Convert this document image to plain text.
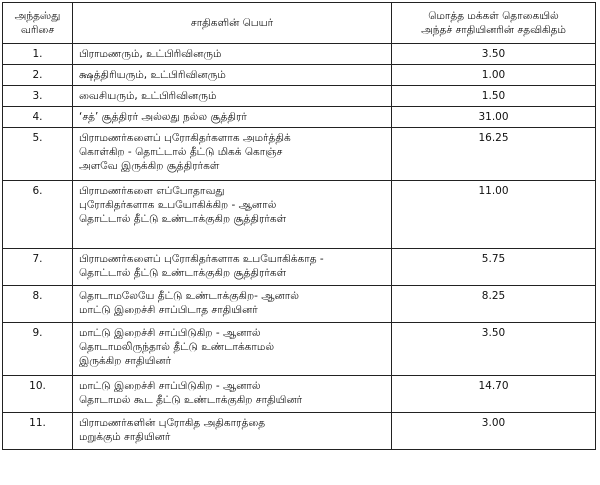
அந்தஸ்து
வரிசை	சாதிகளின் பெயர்	மொத்த மக்கள் தொகையில்
அந்தச் சாதியினரின் சதவிகிதம்

1.	பிராமணரும், உட்பிரிவினரும்	3.50
2.	க்ஷத்திரியரும், உட்பிரிவினரும்	1.00
3.	வைசியரும், உட்பிரிவினரும்	1.50
4.	‘சத்’ சூத்திரர் அல்லது நல்ல சூத்திரர்	31.00
5.	பிராமணர்களைப் புரோகிதர்களாக அமர்த்திக்
கொள்கிற - தொட்டால் தீட்டு மிகக் கொஞ்ச
அளவே இருக்கிற சூத்திரர்கள்	16.25
6.	பிராமணர்களை எப்போதாவது
புரோகிதர்களாக உபயோகிக்கிற - ஆனால்
தொட்டால் தீட்டு உண்டாக்குகிற சூத்திரர்கள்	11.00
7.	பிராமணர்களைப் புரோகிதர்களாக உபயோகிக்காத -
தொட்டால் தீட்டு உண்டாக்குகிற சூத்திரர்கள்	5.75
8.	தொடாமலேயே தீட்டு உண்டாக்குகிற- ஆனால்
மாட்டு இறைச்சி சாப்பிடாத சாதியினர்	8.25
9.	மாட்டு இறைச்சி சாப்பிடுகிற - ஆனால்
தொடாமலிருந்தால் தீட்டு உண்டாக்காமல்
இருக்கிற சாதியினர்	3.50
10.	மாட்டு இறைச்சி சாப்பிடுகிற - ஆனால்
தொடாமல் கூட தீட்டு உண்டாக்குகிற சாதியினர்	14.70
11.	பிராமணர்களின் புரோகித அதிகாரத்தை
மறுக்கும் சாதியினர்	3.00
